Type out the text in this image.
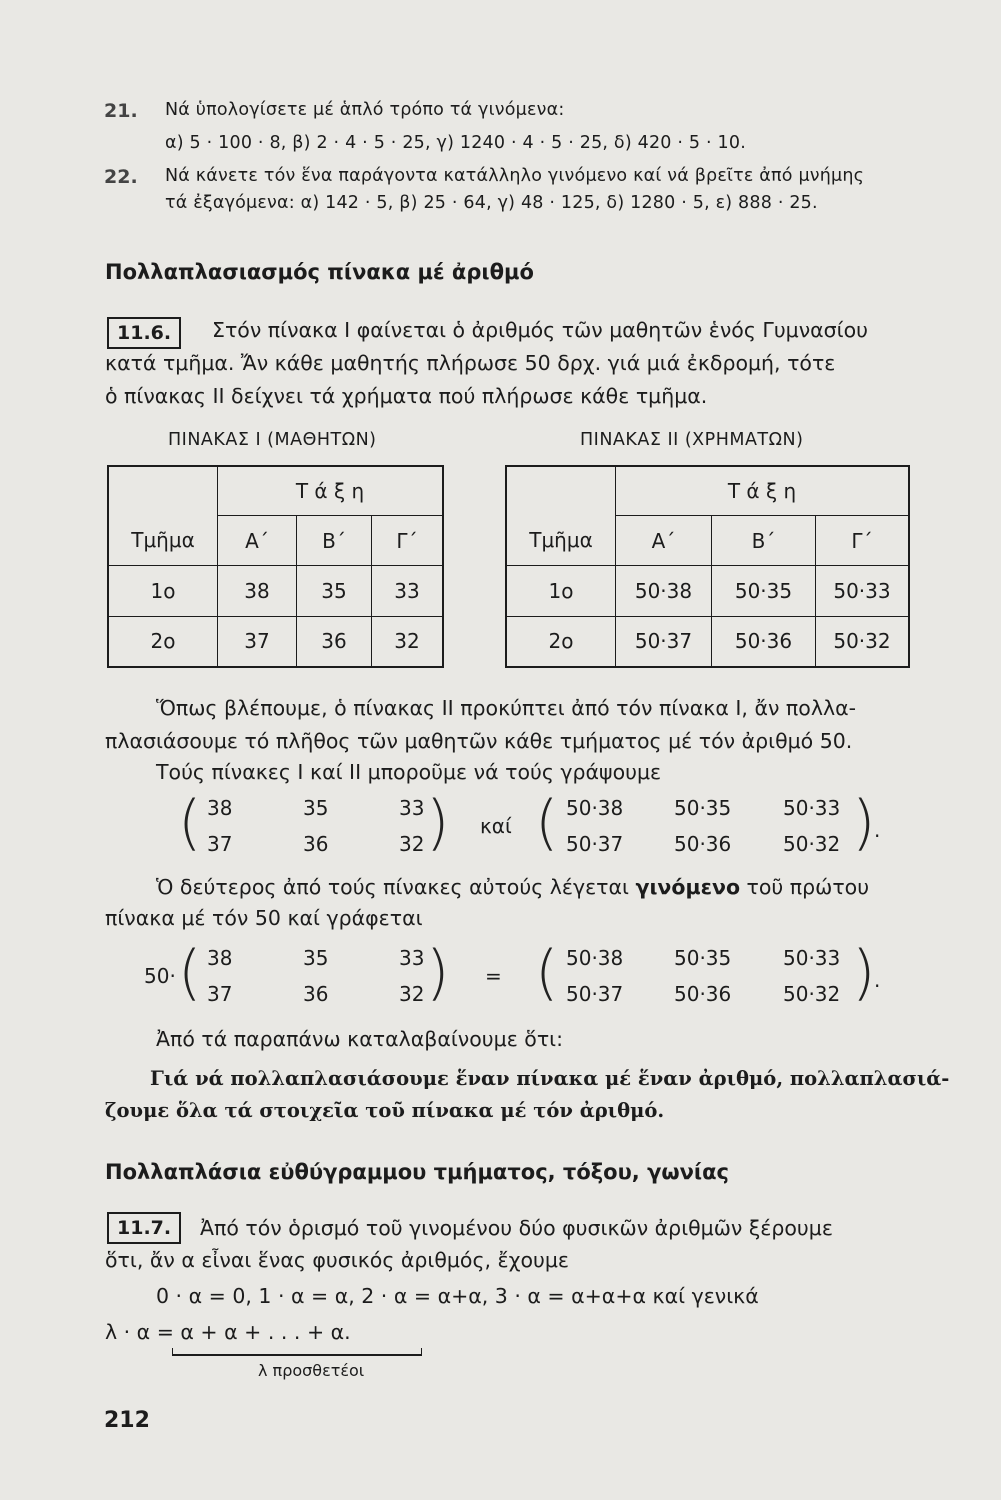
21. Νά ὑπολογίσετε μέ ἁπλό τρόπο τά γινόμενα:
α) 5 · 100 · 8, β) 2 · 4 · 5 · 25, γ) 1240 · 4 · 5 · 25, δ) 420 · 5 · 10.
22. Νά κάνετε τόν ἕνα παράγοντα κατάλληλο γινόμενο καί νά βρεῖτε ἀπό μνήμης
τά ἐξαγόμενα: α) 142 · 5, β) 25 · 64, γ) 48 · 125, δ) 1280 · 5, ε) 888 · 25.
Πολλαπλασιασμός πίνακα μέ ἀριθμό
11.6.	Στόν πίνακα Ι φαίνεται ὁ ἀριθμός τῶν μαθητῶν ἑνός Γυμνασίου
κατά τμῆμα. Ἄν κάθε μαθητής πλήρωσε 50 δρχ. γιά μιά ἐκδρομή, τότε
ὁ πίνακας ΙΙ δείχνει τά χρήματα πού πλήρωσε κάθε τμῆμα.
ΠΙΝΑΚΑΣ Ι (ΜΑΘΗΤΩΝ)	ΠΙΝΑΚΑΣ ΙΙ (ΧΡΗΜΑΤΩΝ)
	Τ ά ξ η		
Τμῆμα	Α΄	Β΄	Γ΄
1ο	38	35	33
2ο	37	36	32
	Τ ά ξ η		
Τμῆμα	Α΄	Β΄	Γ΄
1ο	50·38	50·35	50·33
2ο	50·37	50·36	50·32
Ὅπως βλέπουμε, ὁ πίνακας ΙΙ προκύπτει ἀπό τόν πίνακα Ι, ἄν πολλα-
πλασιάσουμε τό πλῆθος τῶν μαθητῶν κάθε τμήματος μέ τόν ἀριθμό 50.
Τούς πίνακες Ι καί ΙΙ μποροῦμε νά τούς γράψουμε
( 38	35	33
37	36	32 ) καί ( 50·38	50·35	50·33
50·37	50·36	50·32 )
.
Ὁ δεύτερος ἀπό τούς πίνακες αὐτούς λέγεται γινόμενο τοῦ πρώτου
πίνακα μέ τόν 50 καί γράφεται
50· ( 38	35	33
37	36	32 ) = ( 50·38	50·35	50·33
50·37	50·36	50·32 )
.
Ἀπό τά παραπάνω καταλαβαίνουμε ὅτι:
Γιά νά πολλαπλασιάσουμε ἕναν πίνακα μέ ἕναν ἀριθμό, πολλαπλασιά-
ζουμε ὅλα τά στοιχεῖα τοῦ πίνακα μέ τόν ἀριθμό.
Πολλαπλάσια εὐθύγραμμου τμήματος, τόξου, γωνίας
11.7.	Ἀπό τόν ὁρισμό τοῦ γινομένου δύο φυσικῶν ἀριθμῶν ξέρουμε
ὅτι, ἄν α εἶναι ἕνας φυσικός ἀριθμός, ἔχουμε
0 · α = 0, 1 · α = α, 2 · α = α+α, 3 · α = α+α+α καί γενικά
λ · α = α + α + . . . + α.
λ προσθετέοι
212
